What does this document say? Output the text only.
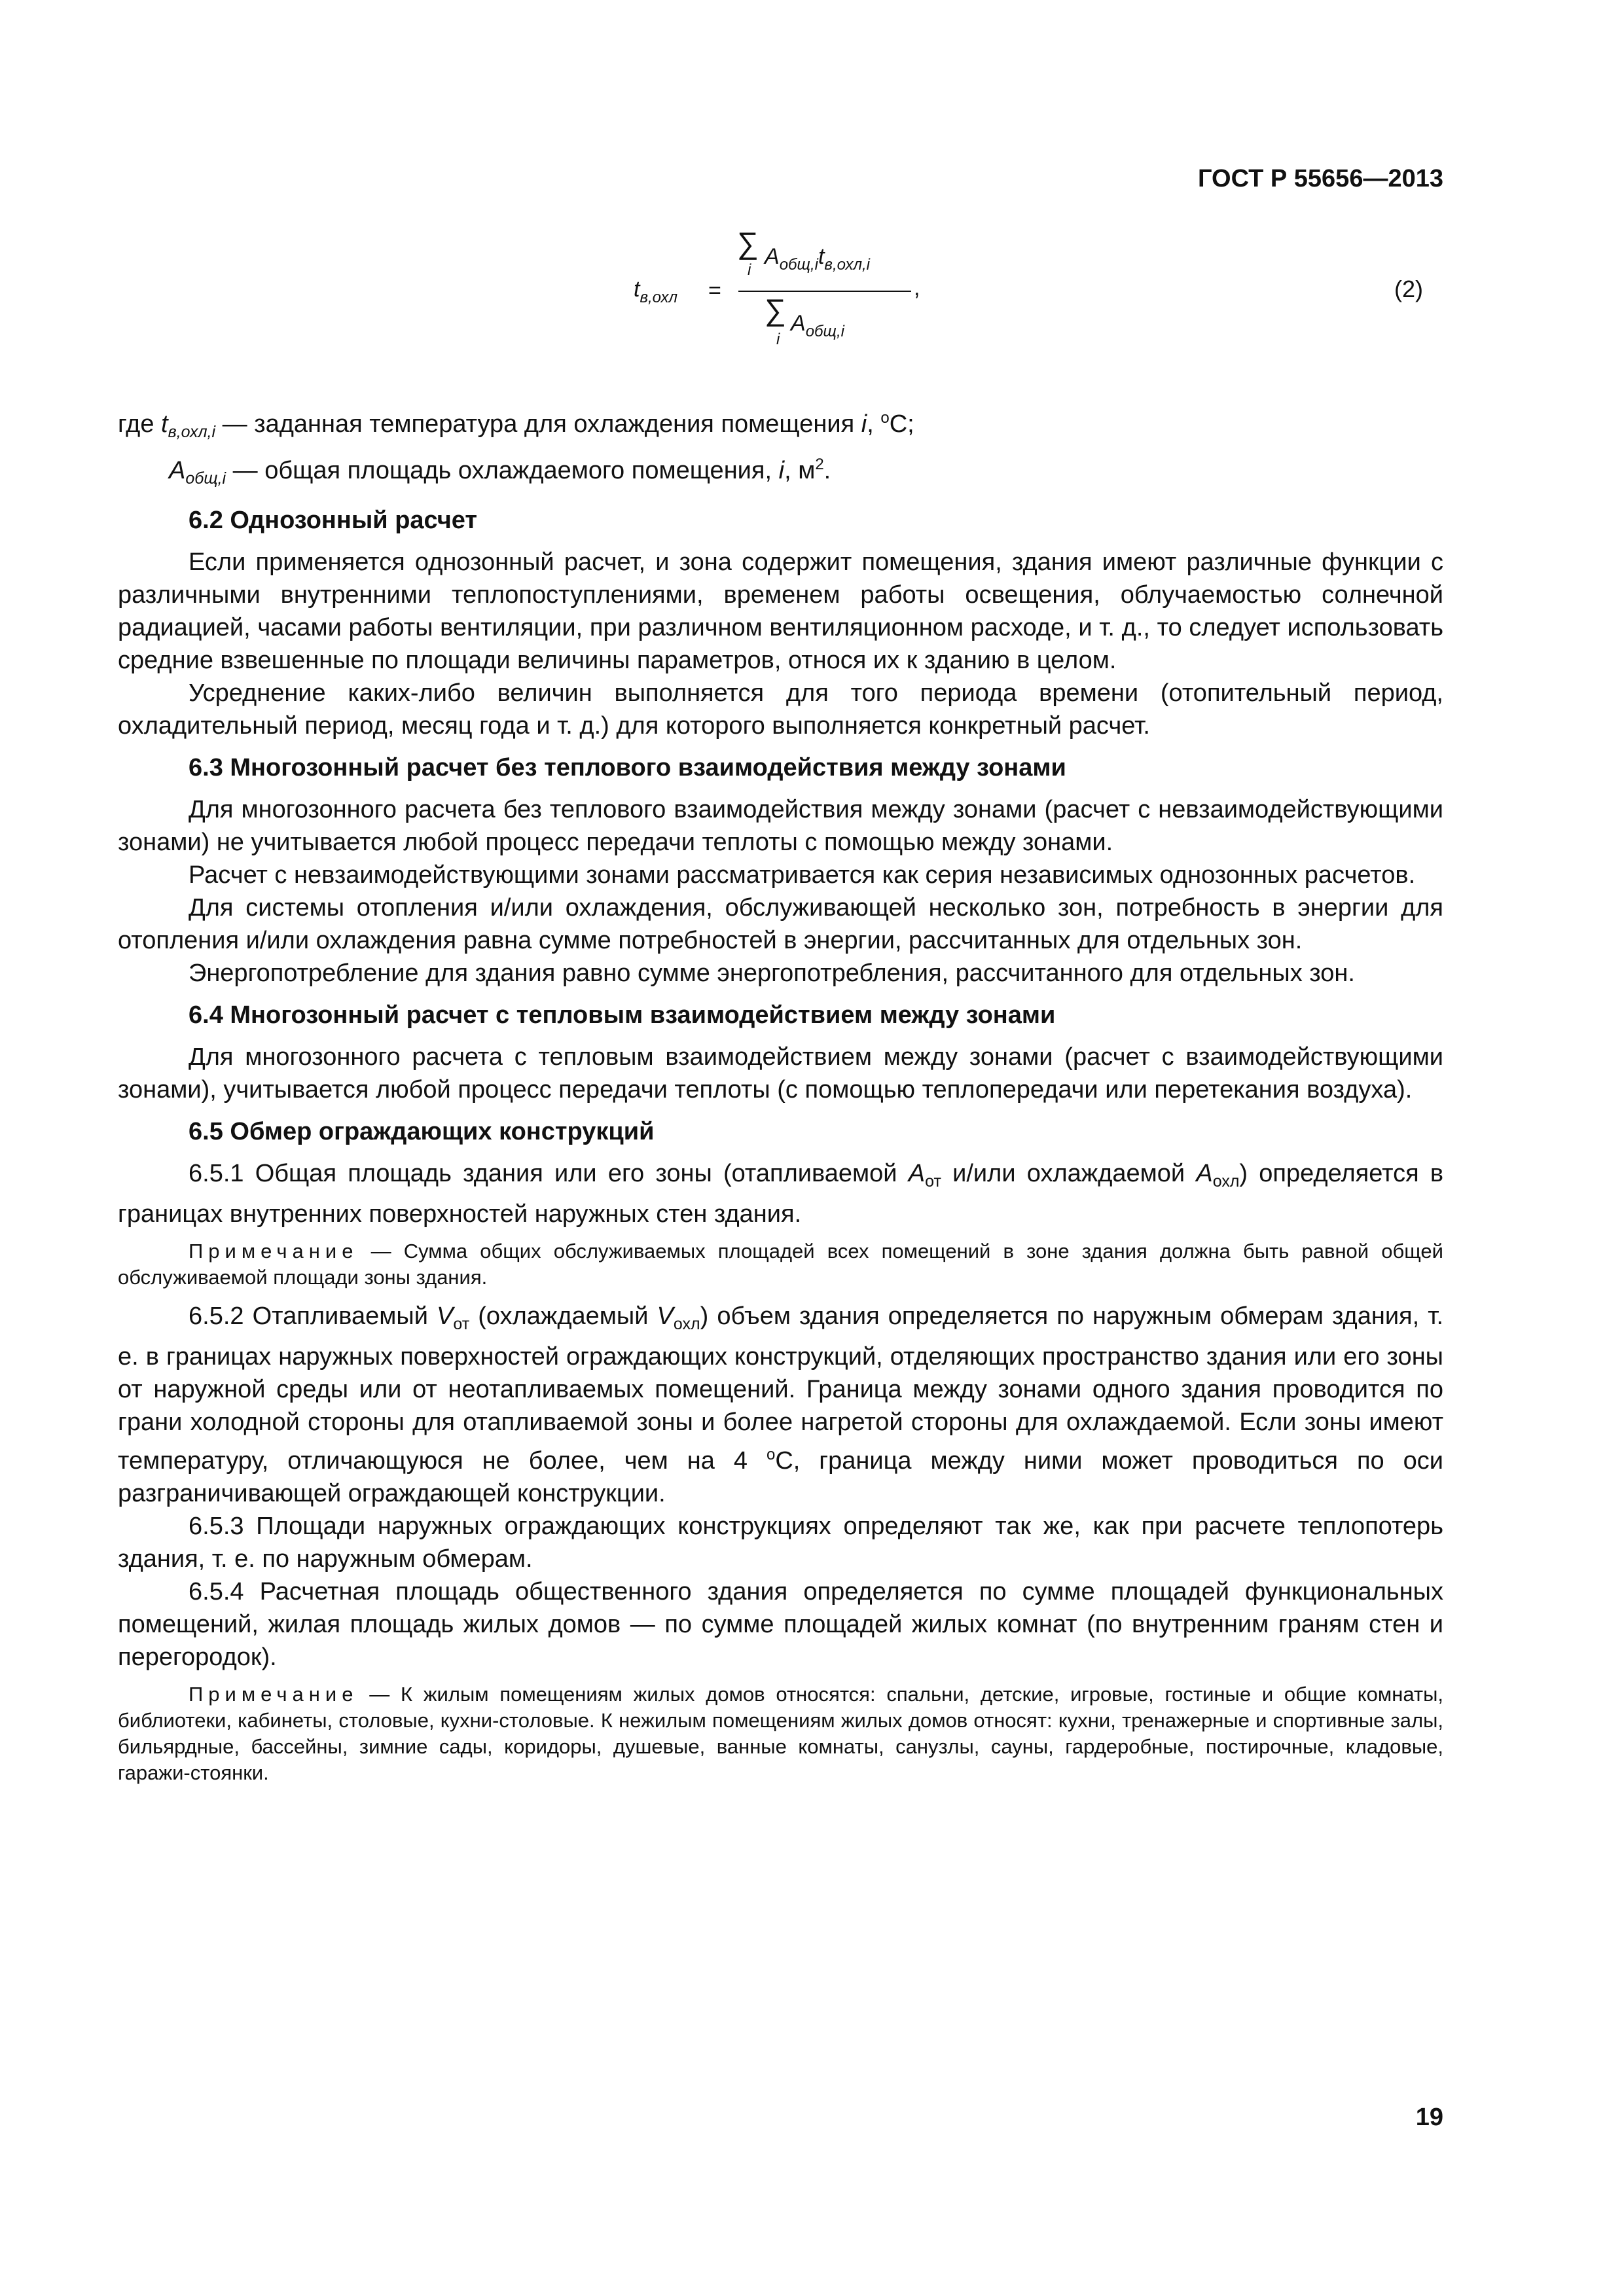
ГОСТ Р 55656—2013
$t_{в,охл}$ =
∑ $A_{общ,i}t_{в,охл,i}$
i
∑ $A_{общ,i}$
i
,	(2)

где $t_{в,охл,i}$ — заданная температура для охлаждения помещения i, $^o$C;

$A_{общ,i}$ — общая площадь охлаждаемого помещения, i, $м^2$.

6.2 Однозонный расчет

Если применяется однозонный расчет, и зона содержит помещения, здания имеют различные функции с различными внутренними теплопоступлениями, временем работы освещения, облучаемостью солнечной радиацией, часами работы вентиляции, при различном вентиляционном расходе, и т. д., то следует использовать средние взвешенные по площади величины параметров, относя их к зданию в целом.

Усреднение каких-либо величин выполняется для того периода времени (отопительный период, охладительный период, месяц года и т. д.) для которого выполняется конкретный расчет.

6.3 Многозонный расчет без теплового взаимодействия между зонами

Для многозонного расчета без теплового взаимодействия между зонами (расчет с невзаимодействующими зонами) не учитывается любой процесс передачи теплоты с помощью между зонами.

Расчет с невзаимодействующими зонами рассматривается как серия независимых однозонных расчетов.

Для системы отопления и/или охлаждения, обслуживающей несколько зон, потребность в энергии для отопления и/или охлаждения равна сумме потребностей в энергии, рассчитанных для отдельных зон.

Энергопотребление для здания равно сумме энергопотребления, рассчитанного для отдельных зон.

6.4 Многозонный расчет с тепловым взаимодействием между зонами

Для многозонного расчета с тепловым взаимодействием между зонами (расчет с взаимодействующими зонами), учитывается любой процесс передачи теплоты (с помощью теплопередачи или перетекания воздуха).

6.5 Обмер ограждающих конструкций

6.5.1 Общая площадь здания или его зоны (отапливаемой $A_{от}$ и/или охлаждаемой $A_{охл}$) определяется в границах внутренних поверхностей наружных стен здания.

Примечание — Сумма общих обслуживаемых площадей всех помещений в зоне здания должна быть равной общей обслуживаемой площади зоны здания.

6.5.2 Отапливаемый $V_{от}$ (охлаждаемый $V_{охл}$) объем здания определяется по наружным обмерам здания, т. е. в границах наружных поверхностей ограждающих конструкций, отделяющих пространство здания или его зоны от наружной среды или от неотапливаемых помещений. Граница между зонами одного здания проводится по грани холодной стороны для отапливаемой зоны и более нагретой стороны для охлаждаемой. Если зоны имеют температуру, отличающуюся не более, чем на 4 $^o$С, граница между ними может проводиться по оси разграничивающей ограждающей конструкции.

6.5.3 Площади наружных ограждающих конструкциях определяют так же, как при расчете теплопотерь здания, т. е. по наружным обмерам.

6.5.4 Расчетная площадь общественного здания определяется по сумме площадей функциональных помещений, жилая площадь жилых домов — по сумме площадей жилых комнат (по внутренним граням стен и перегородок).

Примечание — К жилым помещениям жилых домов относятся: спальни, детские, игровые, гостиные и общие комнаты, библиотеки, кабинеты, столовые, кухни-столовые. К нежилым помещениям жилых домов относят: кухни, тренажерные и спортивные залы, бильярдные, бассейны, зимние сады, коридоры, душевые, ванные комнаты, санузлы, сауны, гардеробные, постирочные, кладовые, гаражи-стоянки.

19
